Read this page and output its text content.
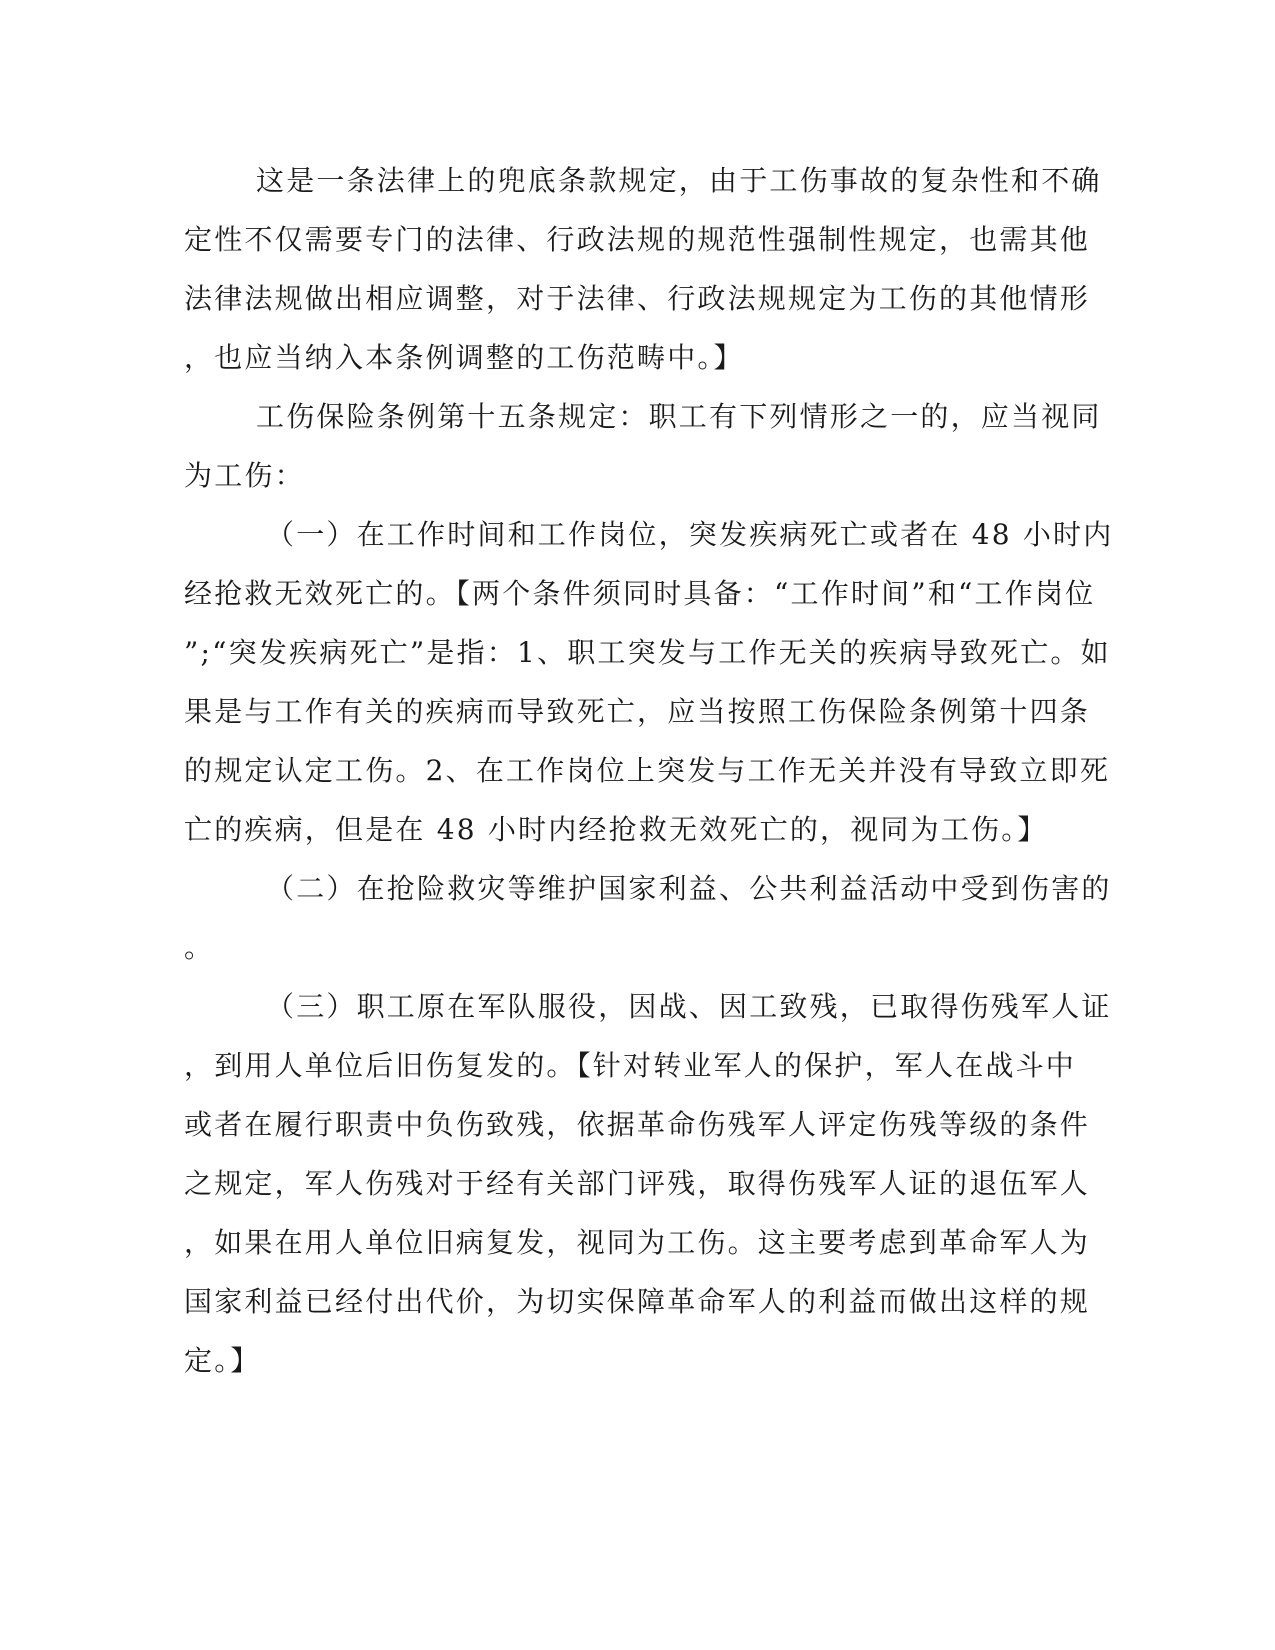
这是一条法律上的兜底条款规定，由于工伤事故的复杂性和不确
定性不仅需要专门的法律、行政法规的规范性强制性规定，也需其他
法律法规做出相应调整，对于法律、行政法规规定为工伤的其他情形
，也应当纳入本条例调整的工伤范畴中。】
工伤保险条例第十五条规定：职工有下列情形之一的，应当视同
为工伤：
（一）在工作时间和工作岗位，突发疾病死亡或者在 48 小时内
经抢救无效死亡的。【两个条件须同时具备：“工作时间”和“工作岗位
”;“突发疾病死亡”是指：1、职工突发与工作无关的疾病导致死亡。如
果是与工作有关的疾病而导致死亡，应当按照工伤保险条例第十四条
的规定认定工伤。2、在工作岗位上突发与工作无关并没有导致立即死
亡的疾病，但是在 48 小时内经抢救无效死亡的，视同为工伤。】
（二）在抢险救灾等维护国家利益、公共利益活动中受到伤害的
。
（三）职工原在军队服役，因战、因工致残，已取得伤残军人证
，到用人单位后旧伤复发的。【针对转业军人的保护，军人在战斗中
或者在履行职责中负伤致残，依据革命伤残军人评定伤残等级的条件
之规定，军人伤残对于经有关部门评残，取得伤残军人证的退伍军人
，如果在用人单位旧病复发，视同为工伤。这主要考虑到革命军人为
国家利益已经付出代价，为切实保障革命军人的利益而做出这样的规
定。】
